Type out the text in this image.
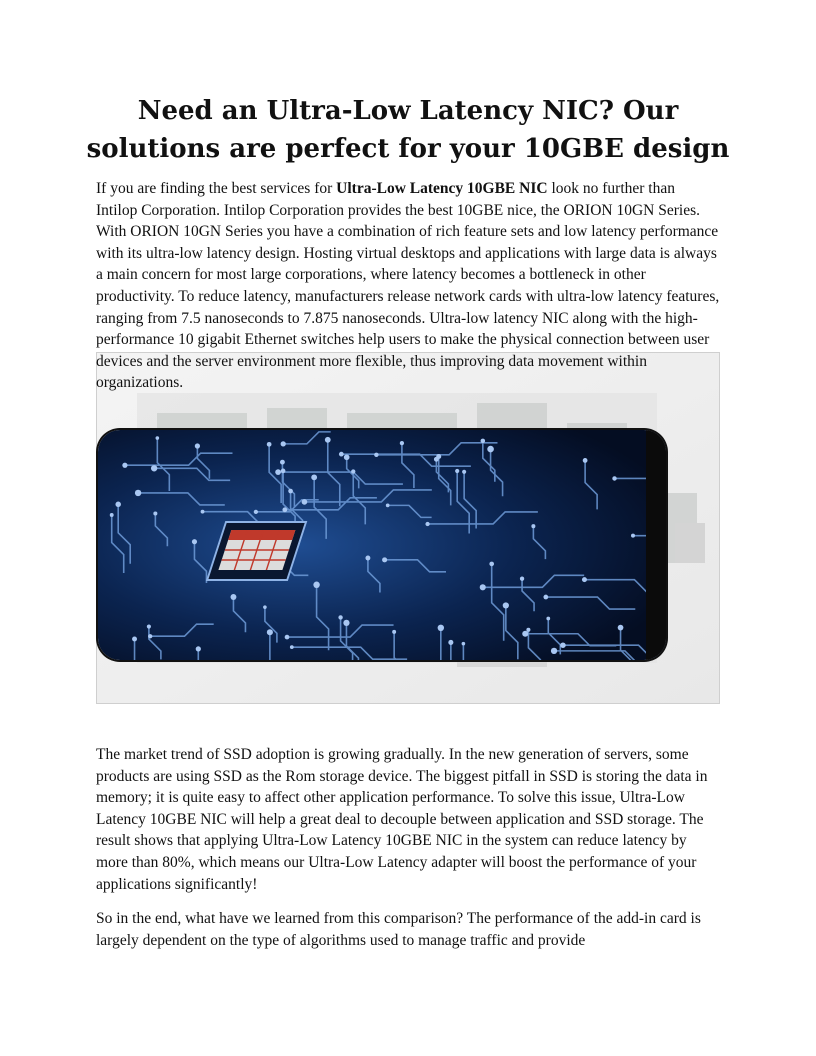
Need an Ultra-Low Latency NIC? Our
solutions are perfect for your 10GBE design

If you are finding the best services for Ultra-Low Latency 10GBE NIC look no further than Intilop Corporation. Intilop Corporation provides the best 10GBE nice, the ORION 10GN Series. With ORION 10GN Series you have a combination of rich feature sets and low latency performance with its ultra-low latency design. Hosting virtual desktops and applications with large data is always a main concern for most large corporations, where latency becomes a bottleneck in other productivity. To reduce latency, manufacturers release network cards with ultra-low latency features, ranging from 7.5 nanoseconds to 7.875 nanoseconds. Ultra-low latency NIC along with the high-performance 10 gigabit Ethernet switches help users to make the physical connection between user devices and the server environment more flexible, thus improving data movement within organizations.

The market trend of SSD adoption is growing gradually. In the new generation of servers, some products are using SSD as the Rom storage device. The biggest pitfall in SSD is storing the data in memory; it is quite easy to affect other application performance. To solve this issue, Ultra-Low Latency 10GBE NIC will help a great deal to decouple between application and SSD storage. The result shows that applying Ultra-Low Latency 10GBE NIC in the system can reduce latency by more than 80%, which means our Ultra-Low Latency adapter will boost the performance of your applications significantly!

So in the end, what have we learned from this comparison? The performance of the add-in card is largely dependent on the type of algorithms used to manage traffic and provide
